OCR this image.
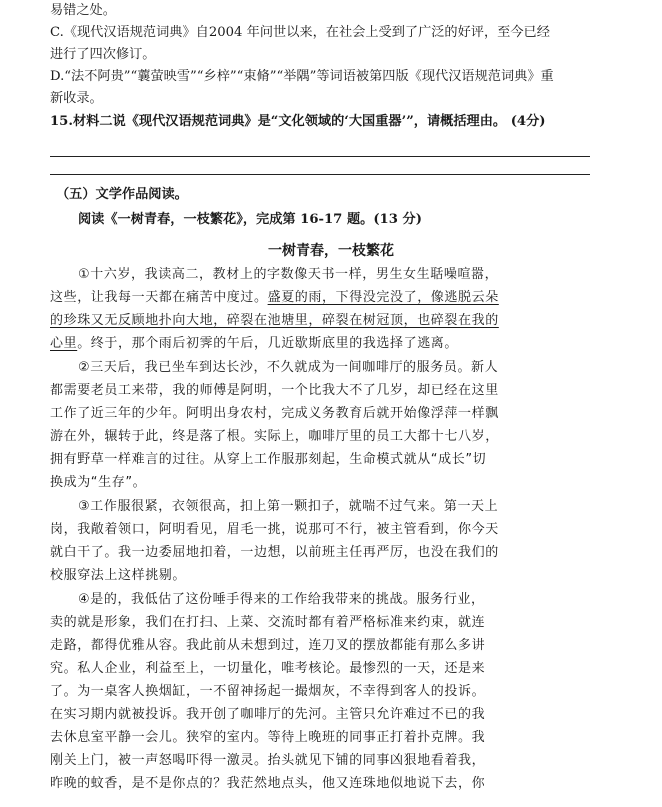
易错之处。
C.《现代汉语规范词典》自2004 年问世以来，在社会上受到了广泛的好评，至今已经
进行了四次修订。
D.“法不阿贵”“蘘萤映雪”“乡梓”“束脩”“举隅”等词语被第四版《现代汉语规范词典》重
新收录。
15.材料二说《现代汉语规范词典》是“文化领域的‘大国重器’”，请概括理由。 (4分)
（五）文学作品阅读。
阅读《一树青春，一枝繁花》，完成第 16-17 题。(13 分)
一树青春，一枝繁花
①十六岁，我读高二，教材上的字数像天书一样，男生女生聒噪喧嚣，
这些，让我每一天都在痛苦中度过。盛夏的雨，下得没完没了，像逃脱云朵
的珍珠又无反顾地扑向大地，碎裂在池塘里，碎裂在树冠顶，也碎裂在我的
心里。终于，那个雨后初霁的午后，几近歇斯底里的我选择了逃离。
②三天后，我已坐车到达长沙，不久就成为一间咖啡厅的服务员。新人
都需要老员工来带，我的师傅是阿明，一个比我大不了几岁，却已经在这里
工作了近三年的少年。阿明出身农村，完成义务教育后就开始像浮萍一样飘
游在外，辗转于此，终是落了根。实际上，咖啡厅里的员工大都十七八岁，
拥有野草一样难言的过往。从穿上工作服那刻起，生命模式就从“成长”切
换成为“生存”。
③工作服很紧，衣领很高，扣上第一颗扣子，就喘不过气来。第一天上
岗，我敞着领口，阿明看见，眉毛一挑，说那可不行，被主管看到，你今天
就白干了。我一边委屈地扣着，一边想，以前班主任再严厉，也没在我们的
校服穿法上这样挑剔。
④是的，我低估了这份唾手得来的工作给我带来的挑战。服务行业，
卖的就是形象，我们在打扫、上菜、交流时都有着严格标准来约束，就连
走路，都得优雅从容。我此前从未想到过，连刀叉的摆放都能有那么多讲
究。私人企业，利益至上，一切量化，唯考核论。最惨烈的一天，还是来
了。为一桌客人换烟缸，一不留神扬起一撮烟灰，不幸得到客人的投诉。
在实习期内就被投诉。我开创了咖啡厅的先河。主管只允许难过不已的我
去休息室平静一会儿。狭窄的室内。等待上晚班的同事正打着扑克牌。我
刚关上门，被一声怒喝吓得一激灵。抬头就见下铺的同事凶狠地看着我，
昨晚的蚊香，是不是你点的？我茫然地点头，他又连珠地似地说下去，你
